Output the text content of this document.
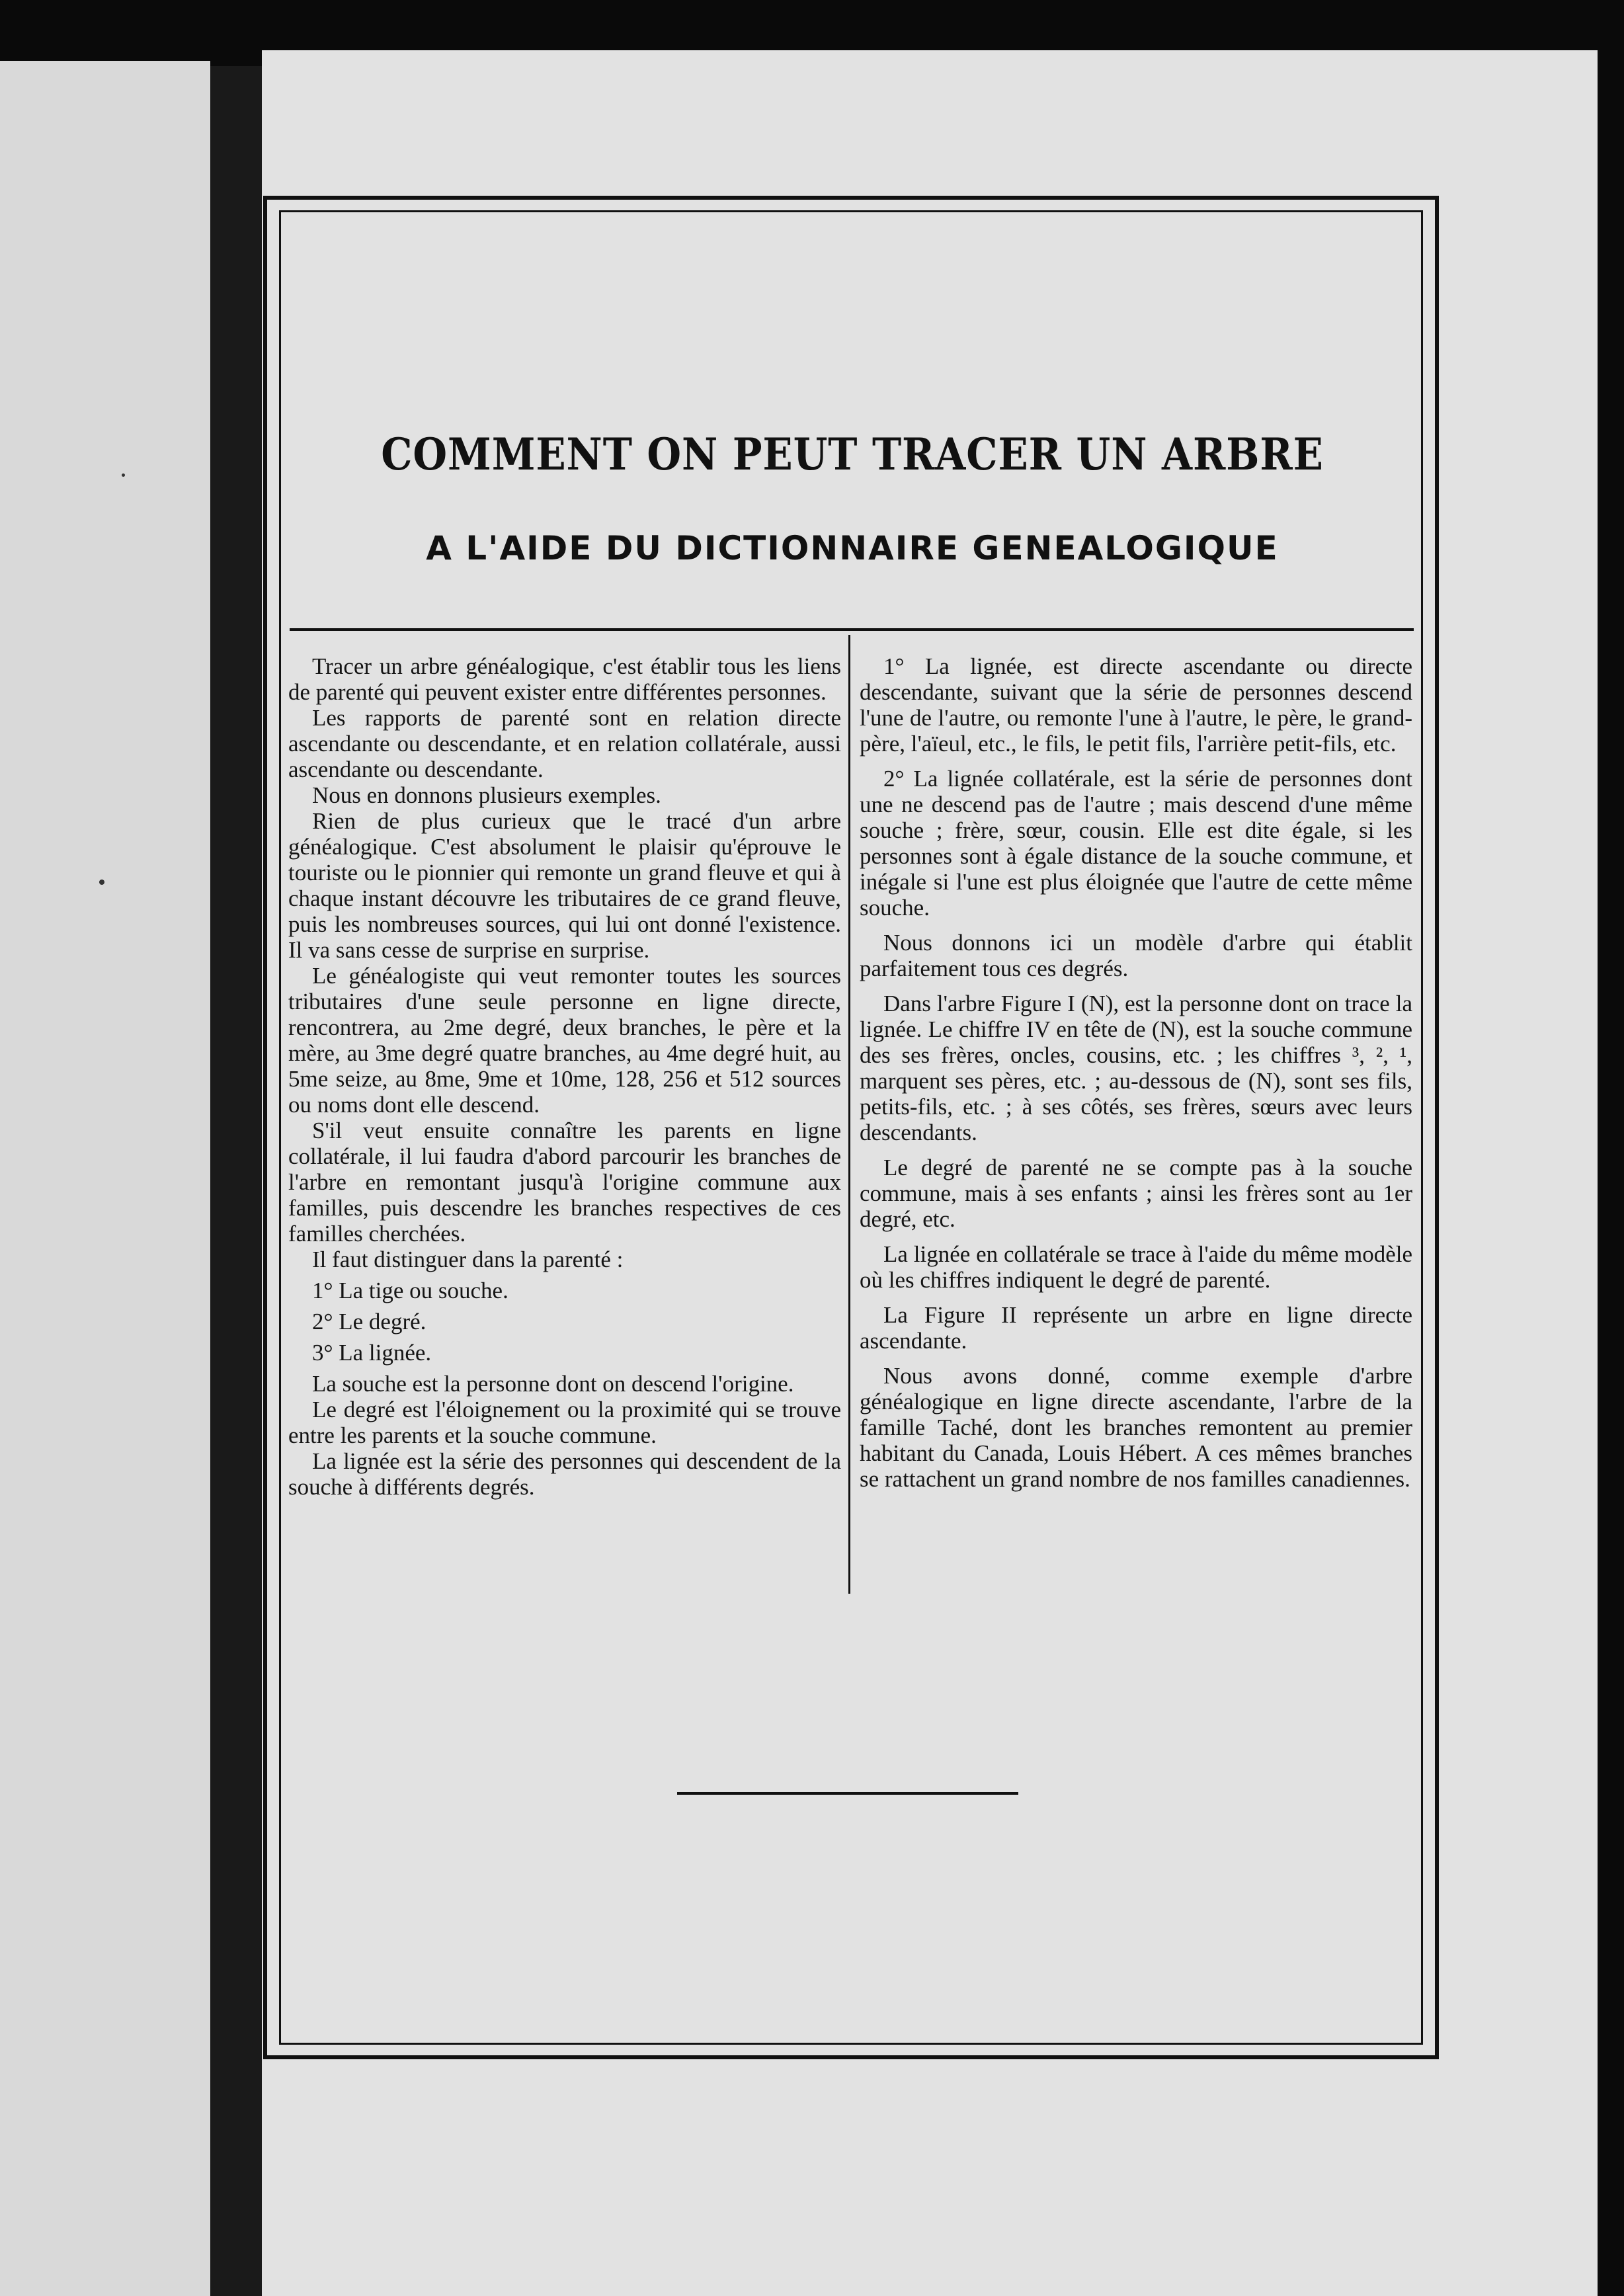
COMMENT ON PEUT TRACER UN ARBRE
A L'AIDE DU DICTIONNAIRE GENEALOGIQUE

Tracer un arbre généalogique, c'est établir tous les liens de parenté qui peuvent exister entre différentes personnes.

Les rapports de parenté sont en relation directe ascendante ou descendante, et en relation collatérale, aussi ascendante ou descendante.

Nous en donnons plusieurs exemples.

Rien de plus curieux que le tracé d'un arbre généalogique. C'est absolument le plaisir qu'éprouve le touriste ou le pionnier qui remonte un grand fleuve et qui à chaque instant découvre les tributaires de ce grand fleuve, puis les nombreuses sources, qui lui ont donné l'existence. Il va sans cesse de surprise en surprise.

Le généalogiste qui veut remonter toutes les sources tributaires d'une seule personne en ligne directe, rencontrera, au 2me degré, deux branches, le père et la mère, au 3me degré quatre branches, au 4me degré huit, au 5me seize, au 8me, 9me et 10me, 128, 256 et 512 sources ou noms dont elle descend.

S'il veut ensuite connaître les parents en ligne collatérale, il lui faudra d'abord parcourir les branches de l'arbre en remontant jusqu'à l'origine commune aux familles, puis descendre les branches respectives de ces familles cherchées.

Il faut distinguer dans la parenté :

1° La tige ou souche.

2° Le degré.

3° La lignée.

La souche est la personne dont on descend l'origine.

Le degré est l'éloignement ou la proximité qui se trouve entre les parents et la souche commune.

La lignée est la série des personnes qui descendent de la souche à différents degrés.

1° La lignée, est directe ascendante ou directe descendante, suivant que la série de personnes descend l'une de l'autre, ou remonte l'une à l'autre, le père, le grand-père, l'aïeul, etc., le fils, le petit fils, l'arrière petit-fils, etc.

2° La lignée collatérale, est la série de personnes dont une ne descend pas de l'autre ; mais descend d'une même souche ; frère, sœur, cousin. Elle est dite égale, si les personnes sont à égale distance de la souche commune, et inégale si l'une est plus éloignée que l'autre de cette même souche.

Nous donnons ici un modèle d'arbre qui établit parfaitement tous ces degrés.

Dans l'arbre Figure I (N), est la personne dont on trace la lignée. Le chiffre IV en tête de (N), est la souche commune des ses frères, oncles, cousins, etc. ; les chiffres ³, ², ¹, marquent ses pères, etc. ; au-dessous de (N), sont ses fils, petits-fils, etc. ; à ses côtés, ses frères, sœurs avec leurs descendants.

Le degré de parenté ne se compte pas à la souche commune, mais à ses enfants ; ainsi les frères sont au 1er degré, etc.

La lignée en collatérale se trace à l'aide du même modèle où les chiffres indiquent le degré de parenté.

La Figure II représente un arbre en ligne directe ascendante.

Nous avons donné, comme exemple d'arbre généalogique en ligne directe ascendante, l'arbre de la famille Taché, dont les branches remontent au premier habitant du Canada, Louis Hébert. A ces mêmes branches se rattachent un grand nombre de nos familles canadiennes.
